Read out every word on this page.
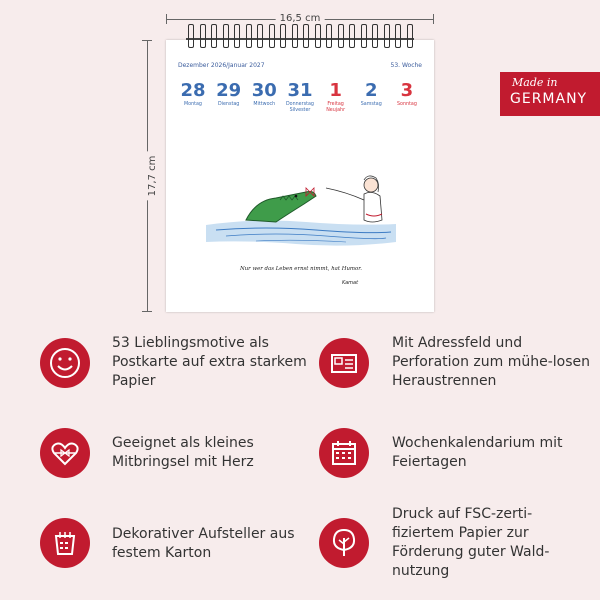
16,5 cm
17,7 cm
Dezember 2026/Januar 2027	53. Woche
28
Montag
29
Dienstag
30
Mittwoch
31
Donnerstag
Silvester
1
Freitag
Neujahr
2
Samstag
3
Sonntag
Nur wer das Leben ernst nimmt, hat Humor.
Kamat
Made in
GERMANY
53 Lieblingsmotive als Postkarte auf extra starkem Papier
Mit Adressfeld und Perforation zum mühe-losen Heraustrennen
Geeignet als kleines Mitbringsel mit Herz
Wochenkalendarium mit Feiertagen
Dekorativer Aufsteller aus festem Karton
Druck auf FSC-zerti-fiziertem Papier zur Förderung guter Wald-nutzung
